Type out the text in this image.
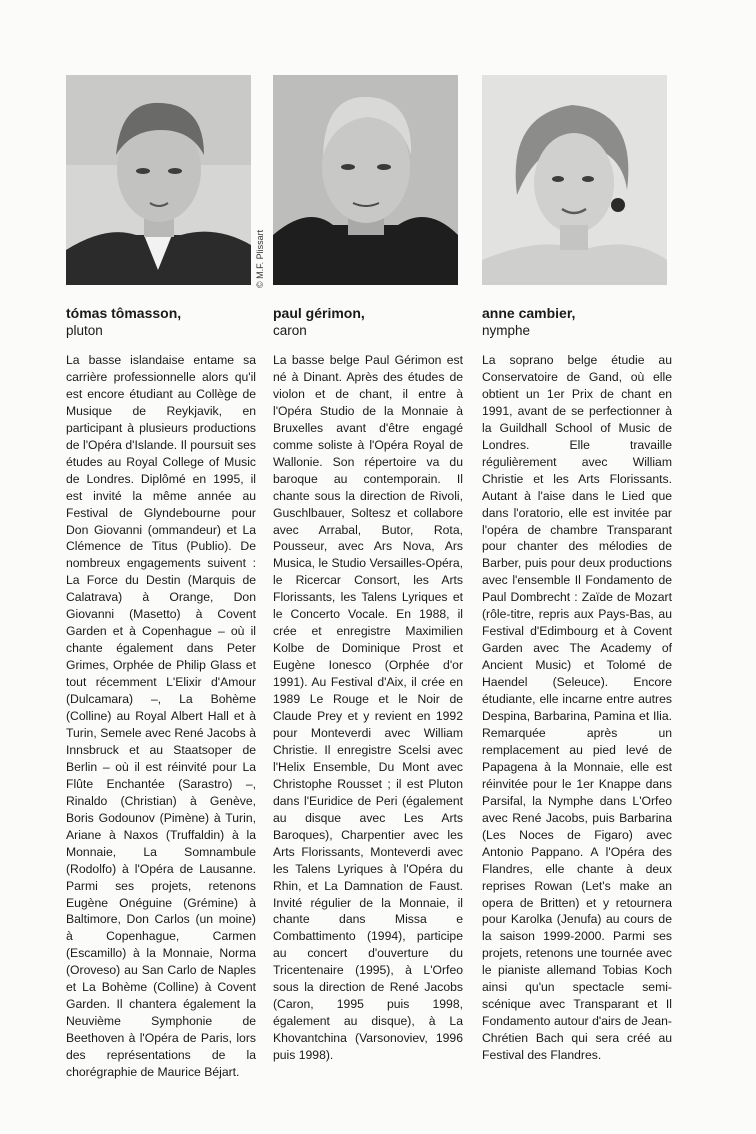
© M.F. Plissart

tómas tômasson,

pluton

La basse islandaise entame sa carrière professionnelle alors qu'il est encore étudiant au Collège de Musique de Reykjavik, en participant à plusieurs productions de l'Opéra d'Islande. Il poursuit ses études au Royal College of Music de Londres. Diplômé en 1995, il est invité la même année au Festival de Glyndebourne pour Don Giovanni (ommandeur) et La Clémence de Titus (Publio). De nombreux engagements suivent : La Force du Destin (Marquis de Calatrava) à Orange, Don Giovanni (Masetto) à Covent Garden et à Copenhague – où il chante également dans Peter Grimes, Orphée de Philip Glass et tout récemment L'Elixir d'Amour (Dulcamara) –, La Bohème (Colline) au Royal Albert Hall et à Turin, Semele avec René Jacobs à Innsbruck et au Staatsoper de Berlin – où il est réinvité pour La Flûte Enchantée (Sarastro) –, Rinaldo (Christian) à Genève, Boris Godounov (Pimène) à Turin, Ariane à Naxos (Truffaldin) à la Monnaie, La Somnambule (Rodolfo) à l'Opéra de Lausanne. Parmi ses projets, retenons Eugène Onéguine (Grémine) à Baltimore, Don Carlos (un moine) à Copenhague, Carmen (Escamillo) à la Monnaie, Norma (Oroveso) au San Carlo de Naples et La Bohème (Colline) à Covent Garden. Il chantera également la Neuvième Symphonie de Beethoven à l'Opéra de Paris, lors des représentations de la chorégraphie de Maurice Béjart.

paul gérimon,

caron

La basse belge Paul Gérimon est né à Dinant. Après des études de violon et de chant, il entre à l'Opéra Studio de la Monnaie à Bruxelles avant d'être engagé comme soliste à l'Opéra Royal de Wallonie. Son répertoire va du baroque au contemporain. Il chante sous la direction de Rivoli, Guschlbauer, Soltesz et collabore avec Arrabal, Butor, Rota, Pousseur, avec Ars Nova, Ars Musica, le Studio Versailles-Opéra, le Ricercar Consort, les Arts Florissants, les Talens Lyriques et le Concerto Vocale. En 1988, il crée et enregistre Maximilien Kolbe de Dominique Prost et Eugène Ionesco (Orphée d'or 1991). Au Festival d'Aix, il crée en 1989 Le Rouge et le Noir de Claude Prey et y revient en 1992 pour Monteverdi avec William Christie. Il enregistre Scelsi avec l'Helix Ensemble, Du Mont avec Christophe Rousset ; il est Pluton dans l'Euridice de Peri (également au disque avec Les Arts Baroques), Charpentier avec les Arts Florissants, Monteverdi avec les Talens Lyriques à l'Opéra du Rhin, et La Damnation de Faust. Invité régulier de la Monnaie, il chante dans Missa e Combattimento (1994), participe au concert d'ouverture du Tricentenaire (1995), à L'Orfeo sous la direction de René Jacobs (Caron, 1995 puis 1998, également au disque), à La Khovantchina (Varsonoviev, 1996 puis 1998).

anne cambier,

nymphe

La soprano belge étudie au Conservatoire de Gand, où elle obtient un 1er Prix de chant en 1991, avant de se perfectionner à la Guildhall School of Music de Londres. Elle travaille régulièrement avec William Christie et les Arts Florissants. Autant à l'aise dans le Lied que dans l'oratorio, elle est invitée par l'opéra de chambre Transparant pour chanter des mélodies de Barber, puis pour deux productions avec l'ensemble Il Fondamento de Paul Dombrecht : Zaïde de Mozart (rôle-titre, repris aux Pays-Bas, au Festival d'Edimbourg et à Covent Garden avec The Academy of Ancient Music) et Tolomé de Haendel (Seleuce). Encore étudiante, elle incarne entre autres Despina, Barbarina, Pamina et Ilia. Remarquée après un remplacement au pied levé de Papagena à la Monnaie, elle est réinvitée pour le 1er Knappe dans Parsifal, la Nymphe dans L'Orfeo avec René Jacobs, puis Barbarina (Les Noces de Figaro) avec Antonio Pappano. A l'Opéra des Flandres, elle chante à deux reprises Rowan (Let's make an opera de Britten) et y retournera pour Karolka (Jenufa) au cours de la saison 1999-2000. Parmi ses projets, retenons une tournée avec le pianiste allemand Tobias Koch ainsi qu'un spectacle semi-scénique avec Transparant et Il Fondamento autour d'airs de Jean-Chrétien Bach qui sera créé au Festival des Flandres.
